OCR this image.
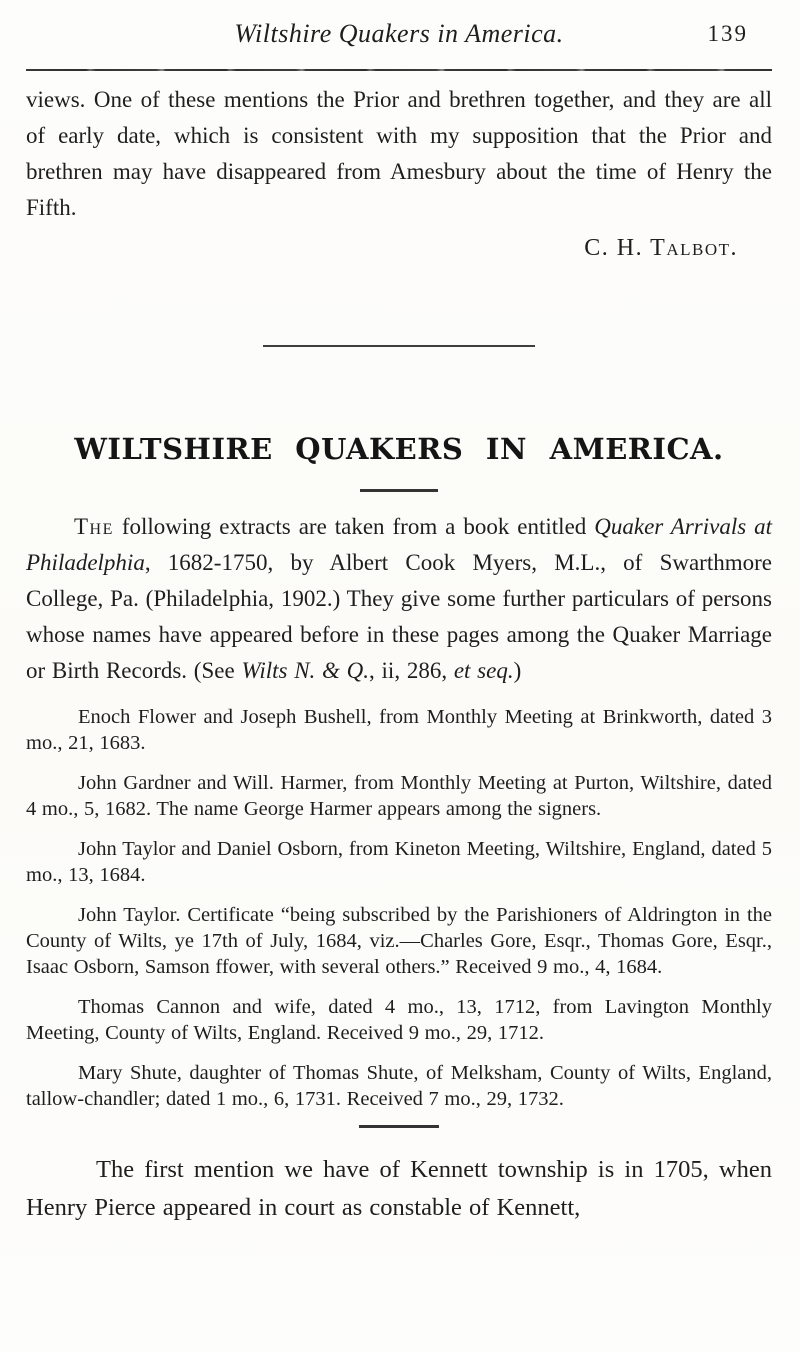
Wiltshire Quakers in America.	139

views. One of these mentions the Prior and brethren together, and they are all of early date, which is consistent with my supposition that the Prior and brethren may have disappeared from Amesbury about the time of Henry the Fifth.

C. H. Talbot.

WILTSHIRE QUAKERS IN AMERICA.

The following extracts are taken from a book entitled Quaker Arrivals at Philadelphia, 1682-1750, by Albert Cook Myers, M.L., of Swarthmore College, Pa. (Philadelphia, 1902.) They give some further particulars of persons whose names have appeared before in these pages among the Quaker Marriage or Birth Records. (See Wilts N. & Q., ii, 286, et seq.)

Enoch Flower and Joseph Bushell, from Monthly Meeting at Brinkworth, dated 3 mo., 21, 1683.

John Gardner and Will. Harmer, from Monthly Meeting at Purton, Wiltshire, dated 4 mo., 5, 1682. The name George Harmer appears among the signers.

John Taylor and Daniel Osborn, from Kineton Meeting, Wiltshire, England, dated 5 mo., 13, 1684.

John Taylor. Certificate “being subscribed by the Parishioners of Aldrington in the County of Wilts, ye 17th of July, 1684, viz.—Charles Gore, Esqr., Thomas Gore, Esqr., Isaac Osborn, Samson ffower, with several others.” Received 9 mo., 4, 1684.

Thomas Cannon and wife, dated 4 mo., 13, 1712, from Lavington Monthly Meeting, County of Wilts, England. Received 9 mo., 29, 1712.

Mary Shute, daughter of Thomas Shute, of Melksham, County of Wilts, England, tallow-chandler; dated 1 mo., 6, 1731. Received 7 mo., 29, 1732.

The first mention we have of Kennett township is in 1705, when Henry Pierce appeared in court as constable of Kennett,
